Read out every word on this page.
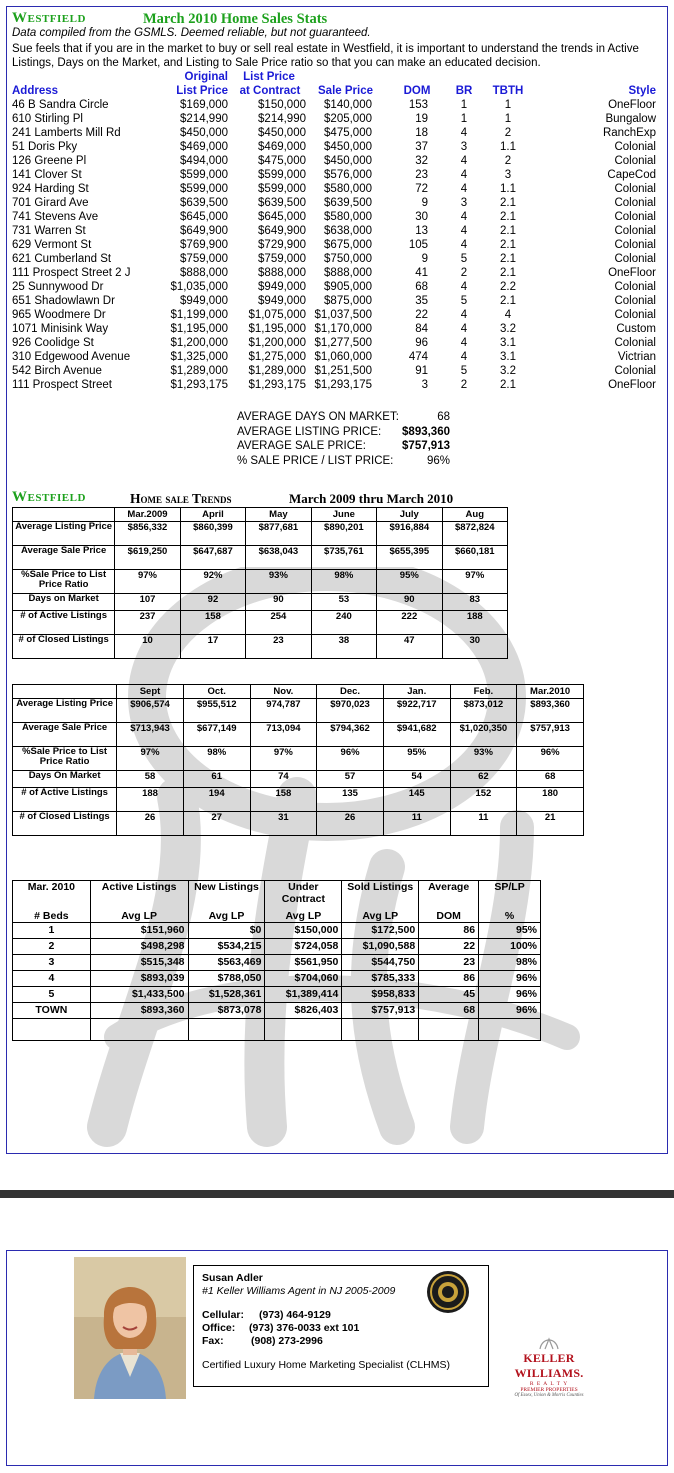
Westfield	March 2010 Home Sales Stats
Data compiled from the GSMLS. Deemed reliable, but not guaranteed.
Sue feels that if you are in the market to buy or sell real estate in Westfield, it is important to understand the trends in Active Listings, Days on the Market, and Listing to Sale Price ratio so that you can make an educated decision.
Original	List Price
Address	List Price	at Contract	Sale Price	DOM	BR	TBTH	Style
46 B Sandra Circle	$169,000	$150,000	$140,000	153	1	1	OneFloor
610 Stirling Pl	$214,990	$214,990	$205,000	19	1	1	Bungalow
241 Lamberts Mill Rd	$450,000	$450,000	$475,000	18	4	2	RanchExp
51 Doris Pky	$469,000	$469,000	$450,000	37	3	1.1	Colonial
126 Greene Pl	$494,000	$475,000	$450,000	32	4	2	Colonial
141 Clover St	$599,000	$599,000	$576,000	23	4	3	CapeCod
924 Harding St	$599,000	$599,000	$580,000	72	4	1.1	Colonial
701 Girard Ave	$639,500	$639,500	$639,500	9	3	2.1	Colonial
741 Stevens Ave	$645,000	$645,000	$580,000	30	4	2.1	Colonial
731 Warren St	$649,900	$649,900	$638,000	13	4	2.1	Colonial
629 Vermont St	$769,900	$729,900	$675,000	105	4	2.1	Colonial
621 Cumberland St	$759,000	$759,000	$750,000	9	5	2.1	Colonial
111 Prospect Street 2 J	$888,000	$888,000	$888,000	41	2	2.1	OneFloor
25 Sunnywood Dr	$1,035,000	$949,000	$905,000	68	4	2.2	Colonial
651 Shadowlawn Dr	$949,000	$949,000	$875,000	35	5	2.1	Colonial
965 Woodmere Dr	$1,199,000	$1,075,000 $1,037,500	22	4	4	Colonial
1071 Minisink Way	$1,195,000	$1,195,000 $1,170,000	84	4	3.2	Custom
926 Coolidge St	$1,200,000	$1,200,000 $1,277,500	96	4	3.1	Colonial
310 Edgewood Avenue	$1,325,000	$1,275,000 $1,060,000	474	4	3.1	Victrian
542 Birch Avenue	$1,289,000	$1,289,000 $1,251,500	91	5	3.2	Colonial
111 Prospect Street	$1,293,175	$1,293,175 $1,293,175	3	2	2.1	OneFloor
AVERAGE DAYS ON MARKET:	68
AVERAGE LISTING PRICE:	$893,360
AVERAGE SALE PRICE:	$757,913
% SALE PRICE / LIST PRICE:	96%
Westfield	Home sale Trends	March 2009 thru March 2010
	Mar.2009	April	May	June	July	Aug
Average Listing Price	$856,332	$860,399	$877,681	$890,201	$916,884	$872,824
Average Sale Price	$619,250	$647,687	$638,043	$735,761	$655,395	$660,181
%Sale Price to List Price Ratio	97%	92%	93%	98%	95%	97%
Days on Market	107	92	90	53	90	83
# of Active Listings	237	158	254	240	222	188
# of Closed Listings	10	17	23	38	47	30
	Sept	Oct.	Nov.	Dec.	Jan.	Feb.	Mar.2010
Average Listing Price	$906,574	$955,512	974,787	$970,023	$922,717	$873,012	$893,360
Average Sale Price	$713,943	$677,149	713,094	$794,362	$941,682	$1,020,350	$757,913
%Sale Price to List Price Ratio	97%	98%	97%	96%	95%	93%	96%
Days On Market	58	61	74	57	54	62	68
# of Active Listings	188	194	158	135	145	152	180
# of Closed Listings	26	27	31	26	11	11	21
Mar. 2010	Active Listings	New Listings	Under Contract	Sold Listings	Average	SP/LP
# Beds	Avg LP	Avg LP	Avg LP	Avg LP	DOM	%
1	$151,960	$0	$150,000	$172,500	86	95%
2	$498,298	$534,215	$724,058	$1,090,588	22	100%
3	$515,348	$563,469	$561,950	$544,750	23	98%
4	$893,039	$788,050	$704,060	$785,333	86	96%
5	$1,433,500	$1,528,361	$1,389,414	$958,833	45	96%
TOWN	$893,360	$873,078	$826,403	$757,913	68	96%

Susan Adler
#1 Keller Williams Agent in NJ 2005-2009
Cellular: (973) 464-9129
Office: (973) 376-0033 ext 101
Fax:	(908) 273-2996
Certified Luxury Home Marketing Specialist (CLHMS)	KELLER WILLIAMS.
R E A L T Y
PREMIER PROPERTIES
Of Essex, Union & Morris Counties
